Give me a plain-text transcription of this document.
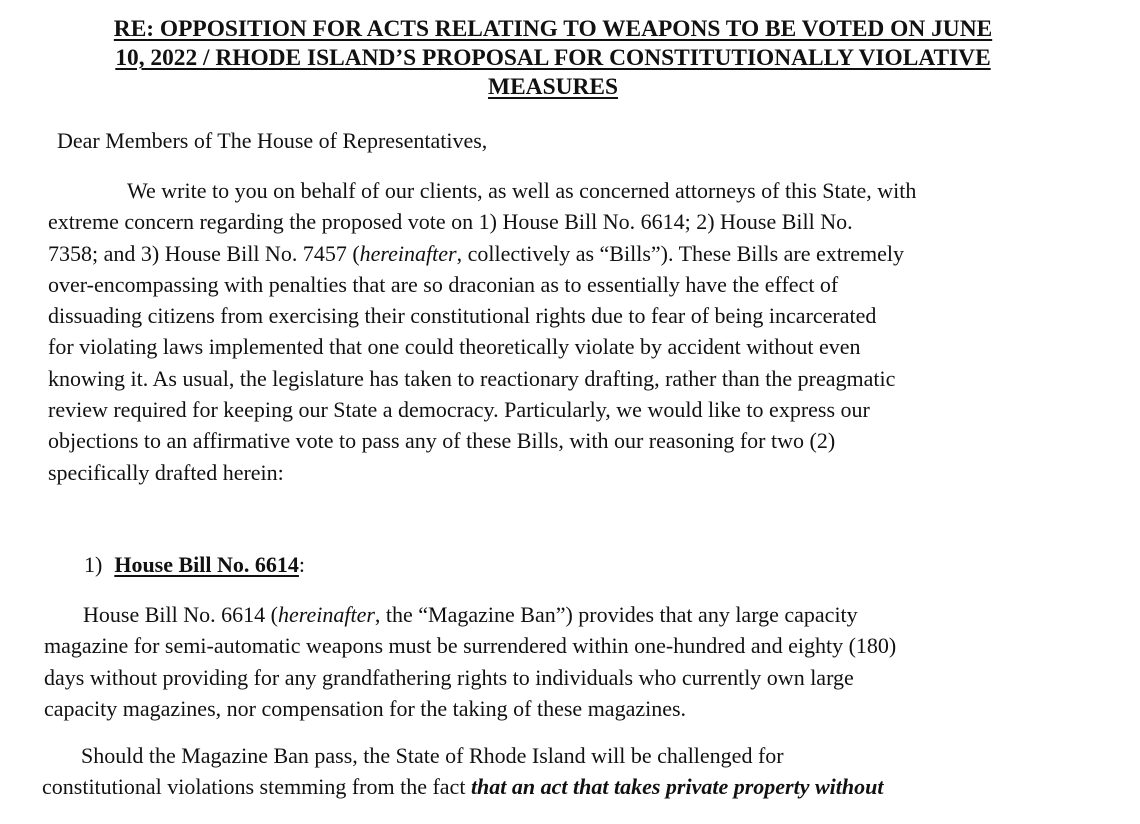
RE: OPPOSITION FOR ACTS RELATING TO WEAPONS TO BE VOTED ON JUNE
10, 2022 / RHODE ISLAND’S PROPOSAL FOR CONSTITUTIONALLY VIOLATIVE
MEASURES

Dear Members of The House of Representatives,

We write to you on behalf of our clients, as well as concerned attorneys of this State, with
extreme concern regarding the proposed vote on 1) House Bill No. 6614; 2) House Bill No.
7358; and 3) House Bill No. 7457 (hereinafter, collectively as “Bills”). These Bills are extremely
over-encompassing with penalties that are so draconian as to essentially have the effect of
dissuading citizens from exercising their constitutional rights due to fear of being incarcerated
for violating laws implemented that one could theoretically violate by accident without even
knowing it. As usual, the legislature has taken to reactionary drafting, rather than the preagmatic
review required for keeping our State a democracy. Particularly, we would like to express our
objections to an affirmative vote to pass any of these Bills, with our reasoning for two (2)
specifically drafted herein:

1) House Bill No. 6614:

House Bill No. 6614 (hereinafter, the “Magazine Ban”) provides that any large capacity
magazine for semi-automatic weapons must be surrendered within one-hundred and eighty (180)
days without providing for any grandfathering rights to individuals who currently own large
capacity magazines, nor compensation for the taking of these magazines.

Should the Magazine Ban pass, the State of Rhode Island will be challenged for
constitutional violations stemming from the fact that an act that takes private property without
